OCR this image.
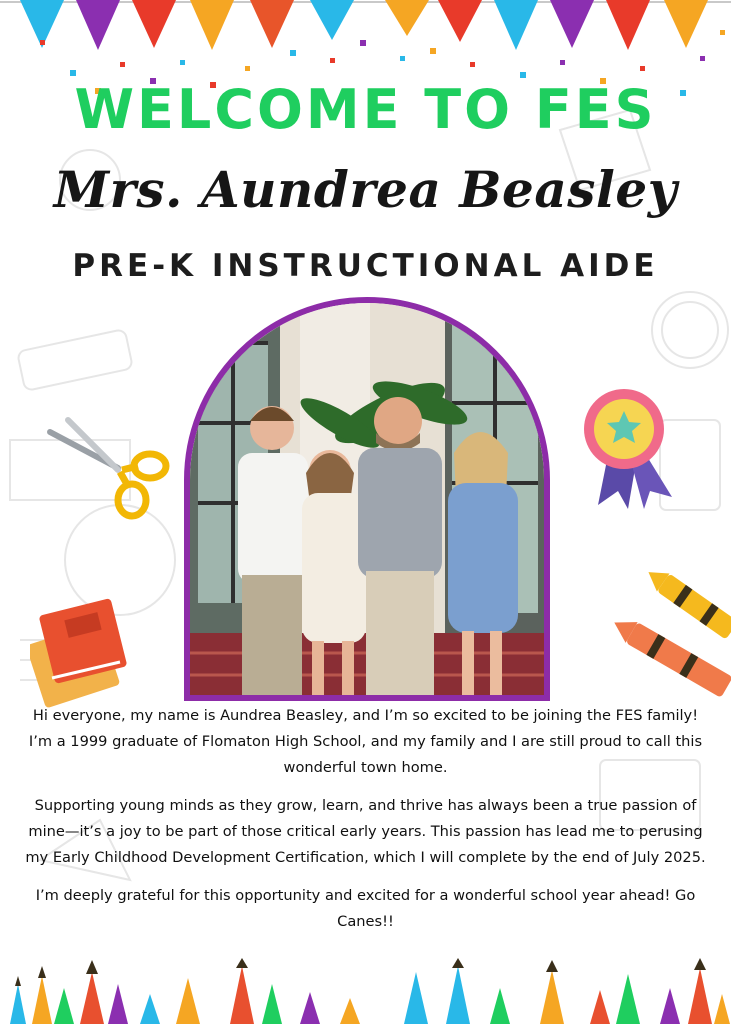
WELCOME TO FES
Mrs. Aundrea Beasley
PRE-K INSTRUCTIONAL AIDE

Hi everyone, my name is Aundrea Beasley, and I’m so excited to be joining the FES family! I’m a 1999 graduate of Flomaton High School, and my family and I are still proud to call this wonderful town home.

Supporting young minds as they grow, learn, and thrive has always been a true passion of mine—it’s a joy to be part of those critical early years. This passion has lead me to perusing my Early Childhood Development Certification, which I will complete by the end of July 2025.

I’m deeply grateful for this opportunity and excited for a wonderful school year ahead! Go Canes!!
